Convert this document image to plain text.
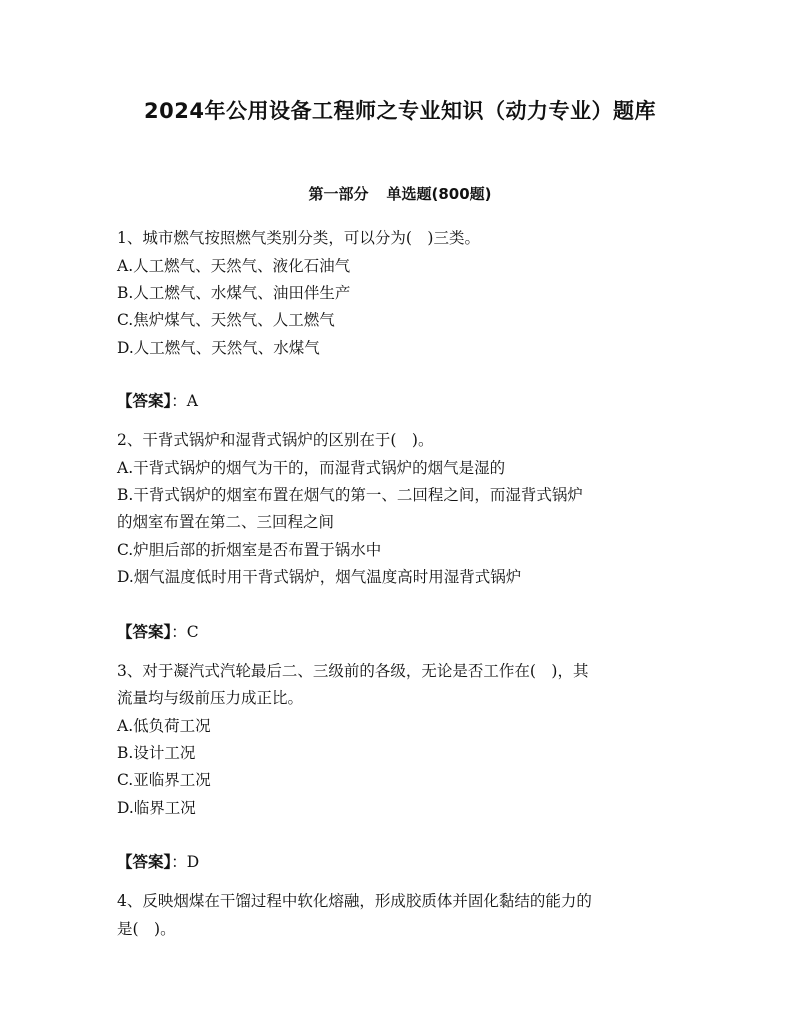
2024年公用设备工程师之专业知识（动力专业）题库
第一部分 单选题(800题)
1、城市燃气按照燃气类别分类，可以分为(　)三类。
A.人工燃气、天然气、液化石油气
B.人工燃气、水煤气、油田伴生产
C.焦炉煤气、天然气、人工燃气
D.人工燃气、天然气、水煤气
【答案】：A
2、干背式锅炉和湿背式锅炉的区别在于(　)。
A.干背式锅炉的烟气为干的，而湿背式锅炉的烟气是湿的
B.干背式锅炉的烟室布置在烟气的第一、二回程之间，而湿背式锅炉
的烟室布置在第二、三回程之间
C.炉胆后部的折烟室是否布置于锅水中
D.烟气温度低时用干背式锅炉，烟气温度高时用湿背式锅炉
【答案】：C
3、对于凝汽式汽轮最后二、三级前的各级，无论是否工作在(　)，其
流量均与级前压力成正比。
A.低负荷工况
B.设计工况
C.亚临界工况
D.临界工况
【答案】：D
4、反映烟煤在干馏过程中软化熔融，形成胶质体并固化黏结的能力的
是(　)。
